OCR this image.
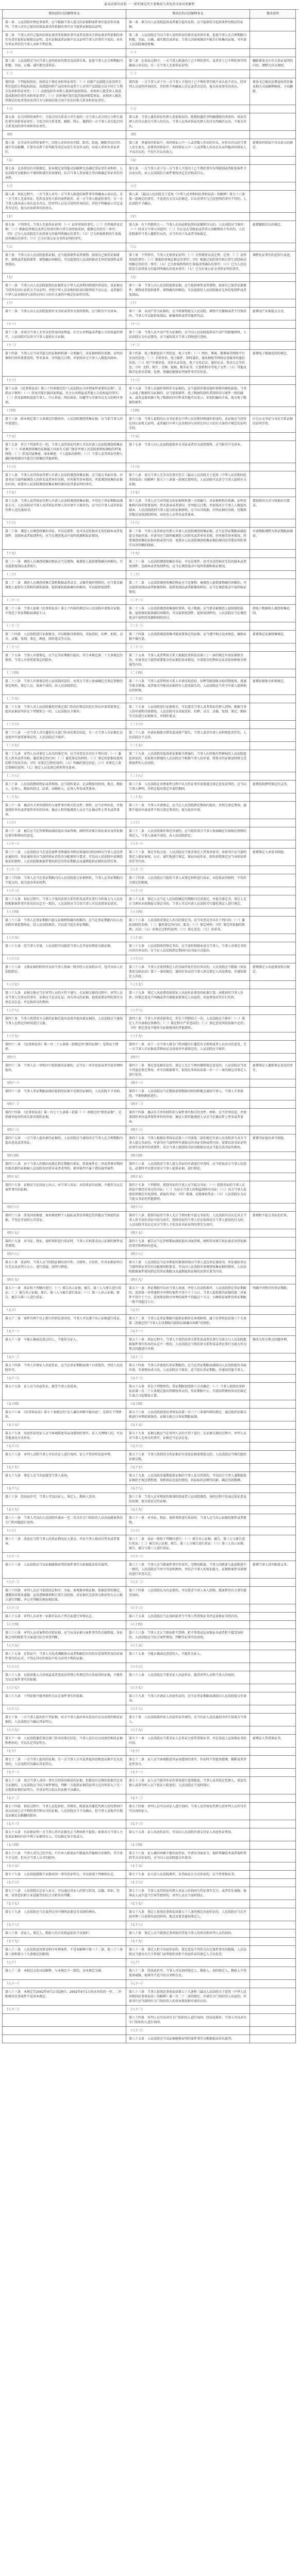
最高法新旧对照 一一新旧规定的主要修改与变化的全面对照解析
修改前的司法解释条文	修改后的司法解释条文	修改说明
第一条　人民法院审理民事案件，应当根据当事人提交的证据和案件事实依法作出裁判。当事人对自己提出的诉讼请求所依据的事实应当提供证据加以证明。	第一条　原告向人民法院起诉或者被告提出反诉，应当提供符合起诉条件的相应的证据。	
第二条　当事人对自己提出的诉讼请求所依据的事实或者反驳对方诉讼请求所依据的事实有责任提供证据加以证明。没有证据或者证据不足以证明当事人的事实主张的，由负有举证责任的当事人承担不利后果。	第二条　人民法院应当向当事人说明举证的要求及法律后果，促使当事人在合理期限内积极、全面、正确、诚实地完成举证。当事人因客观原因不能自行收集的证据，可申请人民法院调查收集。	
（一）	（一）	
第三条　人民法院应当向当事人说明举证的要求及法律后果，促使当事人在合理期限内积极、全面、正确、诚实地完成举证。	第三条　在诉讼过程中，一方当事人陈述的于己不利的事实，或者对于己不利的事实明确表示承认的，另一方当事人无需举证证明。	删除原条文中有关举证说明的内容，调整为自认规则。
（二）	（二）	
第四条　下列侵权诉讼，按照以下规定承担举证责任：（一）因新产品制造方法发明专利引起的专利侵权诉讼，由制造同样产品的单位或者个人对其产品制造方法不同于专利方法承担举证责任；（二）高度危险作业致人损害的侵权诉讼，由加害人就受害人故意造成损害的事实承担举证责任；（三）因环境污染引起的损害赔偿诉讼，由加害人就法律规定的免责事由及其行为与损害结果之间不存在因果关系承担举证责任。	第四条　一方当事人对于另一方当事人主张的于己不利的事实既不承认也不否认，经审判人员说明并询问后，其仍然不明确表示肯定或者否定的，视为对该事实的承认。	原条文已被民法典侵权责任编及相关司法解释吸收，予以删除。
（三）	（三）	
第五条　在合同纠纷案件中，主张合同关系成立并生效的一方当事人对合同订立和生效的事实承担举证责任；主张合同关系变更、解除、终止、撤销的一方当事人对引起合同关系变动的事实承担举证责任。	第五条　当事人委托诉讼代理人参加诉讼的，除授权委托书明确排除的事项外，诉讼代理人的自认视为当事人的自认。当事人在场对诉讼代理人的自认明确否认的，不视为自认。	
（四）	（四）	
第六条　在劳动争议纠纷案件中，因用人单位作出开除、除名、辞退、解除劳动合同、减少劳动报酬、计算劳动者工作年限等决定而发生劳动争议的，由用人单位负举证责任。	第六条　普通共同诉讼中，共同诉讼人中一人或者数人作出的自认，对作出自认的当事人发生效力。必要共同诉讼中，共同诉讼人中一人或者数人作出自认而其他共同诉讼人予以否认的，不发生自认的效力。	新增共同诉讼中自认效力的规定。
（五）	（五）	
第七条　在法律没有具体规定，依本规定及其他司法解释无法确定举证责任承担时，人民法院可以根据公平原则和诚实信用原则，综合当事人举证能力等因素确定举证责任的承担。	第七条　一方当事人对于另一方当事人主张的于己不利的事实有所限制或者附加条件予以承认的，由人民法院综合案件情况决定是否构成自认。	
（六）	（六）	
第八条　诉讼过程中，一方当事人对另一方当事人陈述的案件事实明确表示承认的，另一方当事人无需举证。但涉及身份关系的案件除外。对一方当事人陈述的事实，另一方当事人既未表示承认也未否认，经审判人员充分说明并询问后，其仍不明确表示肯定或者否定的，视为对该项事实的承认。	第八条　《最高人民法院关于适用〈中华人民共和国民事诉讼法〉的解释》第九十六条第一款规定的事实，不适用有关自认的规定。自认的事实与已经查明的事实不符的，人民法院不予确认。	
（七）	（七）	
第九条　下列事实，当事人无需举证证明：（一）众所周知的事实；（二）自然规律及定理；（三）根据法律规定或者已知事实和日常生活经验法则，能推定出的另一事实；（四）已为人民法院发生法律效力的裁判所确认的事实；（五）已为仲裁机构的生效裁决所确认的事实；（六）已为有效公证文书所证明的事实。	第九条　有下列情形之一，当事人在法庭辩论终结前撤销自认的，人民法院应当准许：（一）经对方当事人同意的；（二）自认是在受胁迫或者重大误解情况下作出的。人民法院准许当事人撤销自认的，应当作出口头或者书面裁定。	新增撤销自认的规定。
（八）	（八）	
第十条　当事人向人民法院提供证据，应当提供原件或者原物。如需自己保存证据原件、原物或者提供原件、原物确有困难的，可以提供经人民法院核对无异的复制件或者复制品。	第十条　下列事实，当事人无须举证证明：（一）自然规律以及定理、定律；（二）众所周知的事实；（三）根据法律规定推定的事实；（四）根据已知的事实和日常生活经验法则推定出的另一事实；（五）已为仲裁机构的生效裁决所确认的事实；（六）已为人民法院发生法律效力的裁判所确认的基本事实；（七）已为有效公证文书所证明的事实。	调整免证事实的范围与表述。
（九）	（九）	
第十一条　当事人向人民法院提供的证据系在中华人民共和国领域外形成的，该证据应当经所在国公证机关予以证明，并经中华人民共和国驻该国使领馆予以认证，或者履行中华人民共和国与该所在国订立的有关条约中规定的证明手续。	第十一条　当事人向人民法院提供证据，应当提供原件或者原物。如需自己保存证据原件、原物或者提供原件、原物确有困难的，可以提供经人民法院核对无异的复制件或者复制品。	
（十）	（十）	
第十二条　当事人向人民法院提供外文书证或者外文说明资料，应当附有中文译本。	第十二条　以动产作为证据的，应当将原物提交人民法院。原物不宜搬移或者不宜保存的，当事人可以提供复制品、影像资料或者其他替代品。	新增动产证据提交方式。
（十一）	（十一）	
第十三条　对双方当事人无争议但涉及国家利益、社会公共利益或者他人合法权益的事实，人民法院可以责令当事人提供有关证据。	第十三条　当事人以不动产作为证据的，应当向人民法院提供该不动产的影像资料。人民法院认为有必要的，应当通知双方当事人到场进行查验。	
（十二）	（十二）	
第十四条　当事人应当对其提交的证据材料逐一分类编号，对证据材料的来源、证明对象和内容作简要说明，签名盖章，注明提交日期，并依照对方当事人人数提出副本。	第十四条　电子数据包括下列信息、电子文件：（一）网页、博客、微博客等网络平台发布的信息；（二）手机短信、电子邮件、即时通信、通讯群组等网络应用服务的通信信息；（三）用户注册信息、身份认证信息、电子交易记录、通信记录、登录日志等信息；（四）文档、图片、音频、视频、数字证书、计算机程序等电子文件；（五）其他以数字化形式存储、处理、传输的能够证明案件事实的信息。	新增电子数据范围的规定。
（十三）	（十三）	
第十五条　《民事诉讼法》第六十四条规定的“人民法院认为审理案件需要的证据”，是指以下情形：（一）涉及可能有损国家利益、社会公共利益或者他人合法权益的事实；（二）涉及依职权追加当事人、中止诉讼、终结诉讼、回避等与实体争议无关的程序事项。	第十五条　当事人以视听资料作为证据的，应当提供存储该视听资料的原始载体。当事人以电子数据作为证据的，应当提供原件。电子数据的制作者制作的与原件一致的副本，或者直接来源于电子数据的打印件或其他可以显示、识别的输出介质，视为电子数据的原件。	
（十四）	（十四）	
第十六条　除本规定第十五条规定的情形外，人民法院调查收集证据，应当依当事人的申请进行。	第十六条　当事人提供的公文书证系在中华人民共和国领域外形成的，该证据应当经所在国公证机关证明，或者履行中华人民共和国与该所在国订立的有关条约中规定的证明手续。	区分公文书证与身份关系证据的证明手续。
（十五）	（十五）	
第十七条　符合下列条件之一的，当事人及其诉讼代理人可以申请人民法院调查收集证据：（一）申请调查收集的证据属于国家有关部门保存并须人民法院依职权调取的档案材料；（二）涉及国家秘密、商业秘密、个人隐私的材料；（三）当事人及其诉讼代理人确因客观原因不能自行收集的其他材料。	第十七条　当事人向人民法院提供外文书证或者外文说明资料，应当附有中文译本。	
（十六）	（十六）	
第十八条　当事人及其诉讼代理人申请人民法院调查收集证据，应当提交书面申请。申请书应当载明被调查人的姓名或者单位名称、住所地等基本情况、所要调查收集的证据的内容、需要由人民法院调查收集证据的原因及其要证明的事实。	第十八条　双方当事人无争议的事实符合《最高人民法院关于适用〈中华人民共和国民事诉讼法〉的解释》第九十六条第一款规定情形的，人民法院可以责令当事人提供有关证据。	
（十七）	（十七）	
第十九条　当事人及其诉讼代理人申请人民法院调查收集证据，不得迟于举证期限届满前七日。人民法院对当事人及其诉讼代理人的申请不予准许的，应当向当事人或其诉讼代理人送达通知书。	第十九条　当事人应当对其提交的证据材料逐一分类编号，对证据材料的来源、证明对象和内容作简要说明，签名盖章或者捺印，注明提交日期，并依照对方当事人人数提出副本。人民法院收到当事人提交的证据材料，应当出具收据，注明证据的名称、份数和页数以及收到的时间，由经办人员签名或者盖章。	增加捺印方式与收据出具要求。
（十八）	（十八）	
第二十条　调查人员调查收集的书证，可以是原件，也可以是经核对无误的副本或者复制件。是副本或者复制件的，应当在调查笔录中说明来源和取证情况。	第二十条　当事人及其诉讼代理人申请人民法院调查收集证据，应当在举证期限届满前提交书面申请。申请书应当载明被调查人的姓名或者单位名称、住所地等基本情况、所要调查收集的证据名称或者内容、需要由人民法院调查收集证据的原因及其要证明的事实以及明确的线索。	申请期限调整为举证期限届满前。
（十九）	（十九）	
第二十一条　调查人员调查收集的物证应当是原物。被调查人提供原物确有困难的，可以提供复制品或者照片。	第二十一条　人民法院调查收集的书证，可以是原件，也可以是经核对无误的副本或者复制件。是副本或者复制件的，应当在调查笔录中说明来源和取证情况。	
（二十）	（二十）	
第二十二条　调查人员调查收集计算机数据或者录音、录像等视听资料的，应当要求被调查人提供有关资料的原始载体。提供原始载体确有困难的，可以提供复制件。	第二十二条　人民法院调查收集的物证应当是原物。被调查人提供原物确有困难的，可以提供复制品或者影像资料。提供复制品或者影像资料的，应当在调查笔录中说明取证情况。	
（二十一）	（二十一）	
第二十三条　当事人依据《民事诉讼法》第七十四条的规定向人民法院申请保全证据，不得迟于举证期限届满前七日。	第二十三条　人民法院调查收集视听资料、电子数据，应当要求被调查人提供原始载体。提供原始载体确有困难的，可以提供复制件。提供复制件的，人民法院应当在调查笔录中说明其来源和制作经过。	将电子数据纳入调查收集范围。
（二十二）	（二十二）	
第二十四条　人民法院进行证据保全，可以根据具体情况，采取查封、扣押、拍照、录音、录像、复制、鉴定、勘验、制作笔录等方法。	第二十四条　人民法院调查收集可能需要鉴定的证据，应当遵守相关技术规范，确保证据不被污染。	新增鉴定证据收集规范。
（二十三）	（二十三）	
第二十五条　当事人申请鉴定，应当在举证期限内提出。符合本规定第二十七条规定的情形，当事人申请重新鉴定的除外。	第二十五条　当事人或者利害关系人根据民事诉讼法第八十一条的规定申请证据保全的，申请书应当载明需要保全的证据的基本情况、申请保全的理由以及采取何种保全措施等内容。	
（二十四）	（二十四）	
第二十六条　当事人申请鉴定经人民法院同意后，由双方当事人协商确定有鉴定资格的鉴定机构、鉴定人员，协商不成的，由人民法院指定。	第二十六条　当事人或者利害关系人申请采取查封、扣押等限制保全标的物使用、流通等保全措施，或者保全可能对证据持有人造成损失的，人民法院应当责令申请人提供相应的担保。	新增证据保全担保规定。
（二十五）	（二十五）	
第二十七条　当事人对人民法院委托的鉴定部门作出的鉴定结论有异议申请重新鉴定，提出证据证明存在下列情形之一的，人民法院应予准许。	第二十七条　人民法院进行证据保全，可以要求当事人或者诉讼代理人到场。根据当事人的申请和具体情况，人民法院可以采取查封、扣押、录音、录像、复制、鉴定、勘验等方法进行证据保全，并制作笔录。	
（二十六）	（二十六）	
第二十八条　一方当事人自行委托有关部门作出的鉴定结论，另一方当事人有证据足以反驳并申请重新鉴定的，人民法院应予准许。	第二十八条　申请证据保全错误造成财产损失，当事人请求申请人承担赔偿责任的，人民法院应予支持。	
（二十七）	（二十七）	
第二十九条　审判人员对鉴定人出具的鉴定书，应当审查是否具有下列内容：（一）委托人姓名或者名称、委托鉴定的内容；（二）委托鉴定的材料；（三）鉴定的依据及使用的科学技术手段；（四）对鉴定过程的说明；（五）明确的鉴定结论；（六）对鉴定人鉴定资格的说明；（七）鉴定人员及鉴定机构签名盖章。	第二十九条　人民法院采取诉前证据保全措施后，当事人向其他有管辖权的人民法院提起诉讼的，采取保全措施的人民法院应当根据当事人的申请，将保全的证据及时移交受理案件的人民法院。	
（二十八）	（二十八）	
第三十条　人民法院勘验物证或者现场，应当制作笔录，记录勘验的时间、地点、勘验人、在场人、勘验的经过、结果，由勘验人、在场人签名或者盖章。	第三十条　人民法院在审理案件过程中认为待证事实需要通过鉴定意见证明的，应当向当事人释明，并指定提出鉴定申请的期间。	新增法院释明鉴定的义务。
（二十九）	（二十九）	
第三十一条　摘录有关单位制作的与案件事实相关的文件、材料，应当注明出处，并加盖制作单位或者保管单位的印章，摘录人和其他调查人员应当在摘录件上签名或者盖章。	第三十一条　当事人申请鉴定，应当在人民法院指定期间内提出，并预交鉴定费用。逾期不提出申请或者不预交鉴定费用的，视为放弃申请。	
（三十）	（三十）	
第三十二条　被告应当在答辩期届满前提出书面答辩，阐明其对原告诉讼请求及所依据的事实和理由的意见。	第三十二条　人民法院准许鉴定申请的，应当组织双方当事人协商确定具备相应资格的鉴定人。当事人协商不成的，由人民法院指定。	
（三十一）	（三十一）	
第三十三条　人民法院应当在送达案件受理通知书和应诉通知书的同时向当事人送达举证通知书。举证通知书应当载明举证责任的分配原则与要求、可以向人民法院申请调查取证的情形、人民法院根据案件情况指定的举证期限以及逾期提供证据的法律后果。	第三十三条　鉴定开始之前，人民法院应当要求鉴定人签署承诺书。承诺书中应当载明鉴定人保证客观、公正、诚实地进行鉴定，保证出庭作证，如作虚假鉴定应当承担法律责任等内容。	新增鉴定人承诺书制度。
（三十二）	（三十二）	
第三十四条　当事人应当在举证期限内向人民法院提交证据材料，当事人在举证期限内不提交的，视为放弃举证权利。	第三十四条　人民法院应当组织当事人对鉴定材料进行质证。未经质证的材料，不得作为鉴定的根据。	
（三十三）	（三十三）	
第三十五条　诉讼过程中，当事人主张的法律关系的性质或者民事行为的效力与人民法院根据案件事实作出的认定不一致的，人民法院应当告知当事人可以变更诉讼请求。	第三十五条　鉴定人应当在人民法院确定的期限内完成鉴定，并提交鉴定书。鉴定人无正当理由未按期提交鉴定书的，当事人可以申请人民法院另行委托鉴定人进行鉴定。	
（三十四）	（三十四）	
第三十六条　当事人在举证期限内提交证据材料确有困难的，应当在举证期限内向人民法院申请延期举证，经人民法院准许，可以适当延长举证期限。	第三十六条　人民法院对鉴定人出具的鉴定书，应当审查是否具有下列内容：（一）委托法院的名称；（二）委托鉴定的内容、要求；（三）鉴定材料；（四）鉴定所依据的原理、方法；（五）对鉴定过程的说明；（六）鉴定意见；（七）承诺书。	
（三十五）	（三十五）	
第三十七条　经当事人申请，人民法院可以组织当事人在开庭审理前交换证据。	第三十七条　人民法院收到鉴定书后，应当及时将副本送交当事人。当事人对鉴定书的内容有异议的，应当在人民法院指定期间内以书面方式提出。	
（三十六）	（三十六）	
第三十八条　交换证据的时间可以由当事人协商一致并经人民法院认可，也可以由人民法院指定。	第三十八条　当事人在收到鉴定人的书面答复后仍有异议的，人民法院应当根据《诉讼费用交纳办法》第十一条的规定，通知有异议的当事人预交鉴定人出庭费用，并通知鉴定人出庭。	新增鉴定人出庭费用预交规定。
（三十七）	（三十七）	
第三十九条　证据交换应当在审判人员的主持下进行。在证据交换的过程中，审判人员对当事人无异议的事实、证据应当记录在卷；对有异议的证据，按照需要证明的事实分类记录在卷，并记载异议的理由。	第三十九条　鉴定人出庭费用按照证人出庭作证费用的标准计算，由败诉的当事人负担。因鉴定意见不明确或者有瑕疵需要鉴定人出庭的，出庭费用由其自行负担。	
（三十八）	（三十八）	
第四十条　当事人收到对方交换的证据后提出反驳并提出新证据的，人民法院应当通知当事人在指定的时间进行交换。	第四十条　当事人申请重新鉴定，存在下列情形之一的，人民法院应当准许：（一）鉴定人不具备相应资格的；（二）鉴定程序严重违法的；（三）鉴定意见明显依据不足的；（四）鉴定意见不能作为证据使用的其他情形。	
（三十九）	（三十九）	
第四十一条　《民事诉讼法》第一百二十五条第一款规定的“新的证据”，是指以下情形。	第四十一条　对于一方当事人就专门性问题自行委托有关机构或者人员出具的意见，另一方当事人有证据或者理由足以反驳并申请鉴定的，人民法院应予准许。	
（四十）	（四十）	
第四十二条　当事人在一审程序中提供新的证据的，应当在一审开庭前或者开庭审理时提出。	第四十二条　鉴定意见被采信后，鉴定人无正当理由撤销鉴定意见的，人民法院应当责令其退还鉴定费用，并可以根据情节，依照民事诉讼法第一百一十一条的规定对鉴定人进行处罚。	新增鉴定人撤销鉴定意见的责任。
（四十一）	（四十一）	
第四十三条　当事人举证期限届满后提供的证据不是新的证据的，人民法院不予采纳。	第四十三条　人民法院应当在勘验前将勘验的时间和地点通知当事人。当事人不参加的，不影响勘验进行。	
（四十二）	（四十二）	
第四十四条　《民事诉讼法》第一百七十九条第一款第（一）项规定的“新的证据”，是指原审庭审结束后新发现的证据。	第四十四条　摘录有关单位制作的与案件事实相关的文件、材料，应当注明出处，并加盖制作单位或者保管单位的印章，摘录人和其他调查人员应当在摘录件上签名或者盖章。	
（四十三）	（四十三）	
第四十五条　一方当事人提出新的证据的，人民法院应当通知对方当事人在合理期限内提出意见或者举证。	第四十五条　当事人根据民事诉讼法第六十四条第二款的规定申请人民法院责令对方当事人提交书证的，申请书应当载明所申请提交的书证名称或者内容、需要以该书证证明的事实及事实的重要性、对方当事人控制该书证的根据以及应当提交该书证的理由。	新增书证提出命令制度。
（四十四）	（四十四）	
第四十六条　由于当事人的原因未能在指定期限内举证，致使案件在二审或者再审期间因提出新的证据被人民法院发回重审或者改判的，原审裁判不属于错误裁判案件。	第四十六条　人民法院对当事人提交书证的申请进行审查时，应当听取对方当事人的意见，必要时可以要求双方当事人提供证据、进行辩论。	
（四十五）	（四十五）	
第四十七条　证据应当在法庭上出示，由当事人质证。未经质证的证据，不能作为认定案件事实的依据。	第四十七条　下列情形，控制书证的当事人应当提交书证：（一）控制书证的当事人在诉讼中曾经引用过的书证；（二）为对方当事人的利益制作的书证；（三）对方当事人依照法律规定有权查阅、获取的书证；（四）账簿、记账原始凭证；（五）人民法院认为应当提交书证的其他情形。	
（四十六）	（四十六）	
第四十八条　涉及国家秘密、商业秘密和个人隐私或者法律规定的其他应当保密的证据，不得在开庭时公开质证。	第四十八条　控制书证的当事人无正当理由拒不提交书证的，人民法院可以认定对方当事人所主张的书证内容为真实。控制书证的当事人存在妨碍对方当事人使用的行为的，人民法院可以认定对方当事人主张以该书证证明的事实为真实。	新增拒不提交书证的后果。
（四十七）	（四十七）	
第四十九条　对书证、物证、视听资料进行质证时，当事人有权要求出示证据的原件或者原物。	第四十九条　被告应当在答辩期届满前提出书面答辩，阐明其对原告诉讼请求及所依据的事实和理由的意见。	
（四十八）	（四十八）	
第五十条　质证时，当事人应当围绕证据的真实性、关联性、合法性，针对证据证明力有无以及证明力大小，进行质疑、说明与辩驳。	第五十条　人民法院应当在审理前的准备阶段向当事人送达举证通知书。举证通知书应当载明举证责任的分配原则和要求、可以向人民法院申请调查收集证据的情形、人民法院根据案件情况指定的举证期限以及逾期提供证据的法律后果等内容。	
（四十九）	（四十九）	
第五十一条　质证按下列顺序进行：（一）原告出示证据，被告、第三人与原告进行质证；（二）被告出示证据，原告、第三人与被告进行质证；（三）第三人出示证据，原告、被告与第三人进行质证。	第五十一条　举证期限可以由当事人协商，并经人民法院准许。人民法院指定举证期限的，适用第一审普通程序审理的案件不得少于十五日，当事人提供新的证据的第二审案件不得少于十日。适用简易程序审理的案件不得超过十五日，小额诉讼案件的举证期限一般不得超过七日。	明确不同程序的举证期限。
（五十）	（五十）	
第五十二条　案件有两个以上独立的诉讼请求的，当事人可以逐个出示证据进行质证。	第五十二条　当事人在举证期限内提供证据存在客观障碍，属于民事诉讼法第六十五条第二款规定的“当事人在该期限内提供证据确有困难”的情形。	
（五十一）	（五十一）	
第五十三条　不能正确表达意志的人，不能作为证人。	第五十三条　诉讼过程中，当事人主张的法律关系性质或者民事行为效力与人民法院根据案件事实作出的认定不一致的，人民法院应当将法律关系性质或者民事行为效力作为焦点问题进行审理。	修改为作为焦点问题审理。
（五十二）	（五十二）	
第五十四条　当事人申请证人出庭作证，应当在举证期限届满十日前提出，并经人民法院许可。	第五十四条　当事人申请延长举证期限的，应当在举证期限届满前向人民法院提出书面申请。申请理由成立的，人民法院应当准许，适当延长举证期限，并通知其他当事人。	
（五十三）	（五十三）	
第五十五条　证人应当出庭作证，接受当事人的质询。	第五十五条　存在下列情形的，举证期限按照如下方式确定：（一）当事人依照民事诉讼法第一百二十七条规定提出管辖权异议的，举证期限中止，自驳回管辖权异议的裁定生效之日起恢复计算。	
（五十四）	（五十四）	
第五十六条　《民事诉讼法》第七十条规定的“证人确有困难不能出庭”，是指有下列情形。	第五十六条　人民法院依照民事诉讼法第一百三十三条第四项的规定，通过组织证据交换进行审理前准备的，证据交换之日举证期限届满。	
（五十五）	（五十五）	
第五十七条　出庭作证的证人应当客观陈述其亲身感知的事实。证人为聋哑人的，可以其他表达方式作证。	第五十七条　证据交换应当在审判人员的主持下进行。在证据交换的过程中，审判人员对当事人无异议的事实、证据应当记录在卷。	
（五十六）	（五十六）	
第五十八条　审判人员和当事人可以对证人进行询问。证人不得旁听法庭审理。	第五十八条　当事人收到对方的证据后有反驳证据需要提交的，人民法院应当再次组织证据交换。	
（五十七）	（五十七）	
第五十九条　鉴定人应当出庭接受当事人质询。	第五十九条　人民法院对逾期提供证据的当事人处以罚款的，可以结合当事人逾期提供证据的主观过错程度、导致诉讼迟延的情况、诉讼标的金额等因素，确定罚款数额。	
（五十八）	（五十八）	
第六十条　经法庭许可，当事人可以向证人、鉴定人、勘验人发问。	第六十条　当事人在审理前的准备阶段或者人民法院调查、询问过程中发表过质证意见的证据，视为质证过的证据。	
（五十九）	（五十九）	
第六十一条　当事人可以向人民法院申请由一至二名具有专门知识的人员出庭就案件的专门性问题进行说明。	第六十一条　对书证、物证、视听资料进行质证时，当事人应当出示证据的原件或者原物。	
（六十）	（六十）	
第六十二条　法庭应当将当事人的质证情况记入笔录，并由当事人核对后签名或者盖章。	第六十二条　质证一般按下列顺序进行：（一）原告出示证据，被告、第三人与原告进行质证；（二）被告出示证据，原告、第三人与被告进行质证；（三）第三人出示证据，原告、被告与第三人进行质证。	
（六十一）	（六十一）	
第六十三条　人民法院应当以证据能够证明的案件事实为依据依法作出裁判。	第六十三条　当事人应当就案件事实作真实、完整的陈述。当事人的陈述与此前陈述不一致的，人民法院应当责令其说明理由，并结合当事人的诉讼能力、证据和案件具体情况进行审查认定。	新增当事人真实陈述义务。
（六十二）	（六十二）	
第六十四条　审判人员应当依照法定程序，全面、客观地审核证据，依据法律的规定，遵循法官职业道德，运用逻辑推理和日常生活经验，对证据有无证明力和证明力大小独立进行判断，并公开判断的理由和结果。	第六十四条　人民法院认为有必要的，可以要求当事人本人到场，就案件的有关事实接受询问。	
（六十三）	（六十三）	
第六十五条　审判人员对单一证据可以从下列方面进行审核认定。	第六十五条　人民法院应当在询问前责令当事人签署保证书并宣读保证书的内容。	
（六十四）	（六十四）	
第六十六条　审判人员对案件的全部证据，应当从各证据与案件事实的关联程度、各证据之间的联系等方面进行综合审查判断。	第六十六条　当事人无正当理由拒不到场、拒不签署或宣读保证书或者拒不接受询问的，人民法院应当综合案件情况，判断待证事实的真伪。	
（六十五）	（六十五）	
第六十七条　在诉讼中，当事人为达成调解协议或者和解的目的作出妥协所涉及的对案件事实的认可，不得在其后的诉讼中作为对其不利的证据。	第六十七条　不能正确表达意思的人，不能作为证人。	
（六十六）	（六十六）	
第六十八条　以侵害他人合法权益或者违反法律禁止性规定的方法取得的证据，不能作为认定案件事实的依据。	第六十八条　人民法院应当要求证人出庭作证，接受审判人员和当事人的询问。	
（六十七）	（六十七）	
第六十九条　下列证据不能单独作为认定案件事实的依据。	第六十九条　当事人申请证人出庭作证的，应当在举证期限届满前向人民法院提交申请书。	
（六十八）	（六十八）	
第七十条　一方当事人提出的下列证据，对方当事人提出异议但没有足以反驳的相反证据的，人民法院应当确认其证明力。	第七十条　人民法院准许证人出庭作证申请的，应当向证人送达通知书并告知双方当事人。	
（六十九）	（六十九）	
第七十一条　人民法院委托鉴定部门作出的鉴定结论，当事人没有足以反驳的相反证据和理由的，可以认定其证明力。	第七十一条　人民法院应当要求证人在作证之前签署保证书，并在法庭上宣读保证书的内容。	新增证人签署保证书。
（七十）	（七十）	
第七十二条　一方当事人提出的证据，另一方当事人认可或者提出的相反证据不足以反驳的，人民法院可以确认其证明力。	第七十二条　证人应当客观陈述其亲身感知的事实，作证时不得使用猜测、推断或者评论性语言。	
（七十一）	（七十一）	
第七十三条　双方当事人对同一事实分别举出相反的证据，但都没有足够的依据否定对方证据的，人民法院应当结合案件情况，判断一方提供证据的证明力是否明显大于另一方提供证据的证明力，并对证明力较大的证据予以确认。	第七十三条　证人应当就其作证的事项进行连续陈述。当事人及其法定代理人、诉讼代理人或者旁听人员干扰证人陈述的，人民法院应当及时制止。	
（七十二）	（七十二）	
第七十四条　诉讼过程中，当事人在起诉状、答辩状、陈述及其委托代理人的代理词中承认的对己方不利的事实和认可的证据，人民法院应当予以确认，但当事人反悔并有相反证据足以推翻的除外。	第七十四条　审判人员可以对证人进行询问。当事人及其诉讼代理人经审判人员许可后可以询问证人。	
（七十三）	（七十三）	
第七十五条　有证据证明一方当事人持有证据无正当理由拒不提供，如果对方当事人主张该证据的内容不利于证据持有人，可以推定该主张成立。	第七十五条　证人出庭作证后，可以向人民法院申请支付证人出庭作证费用。	
（七十四）	（七十四）	
第七十六条　当事人对自己的主张，只有本人陈述而不能提出其他相关证据的，其主张不予支持。但对方当事人认可的除外。	第七十六条　证人确有困难不能出庭作证，申请以书面证言、视听传输技术或者视听资料等方式作证的，应当向人民法院提交申请书。	
（七十五）	（七十五）	
第七十七条　人民法院就数个证据对同一事实的证明力，可以依照下列原则认定。	第七十七条　证人经人民法院准许，以书面证言方式作证的，应当签署保证书。	
（七十六）	（七十六）	
第七十八条　人民法院认定证人证言，可以通过对证人的智力状况、品德、知识、经验、法律意识和专业技能等的综合分析作出判断。	第七十八条　当事人及其诉讼代理人对证人的询问与待证事实无关，或者存在威胁、侮辱证人或不适当引导等情形的，审判人员应当及时制止。	
（七十七）	（七十七）	
第七十九条　人民法院应当在裁判文书中阐明证据是否采纳的理由。	第七十九条　鉴定人依照民事诉讼法第七十八条的规定出庭作证的，人民法院应当在开庭审理三日前将出庭的时间、地点及要求通知鉴定人。	
（七十八）	（七十八）	
第八十条　对证人、鉴定人、勘验人的合法权益依法予以保护。	第八十条　鉴定人应当就鉴定事项如实答复当事人的异议和审判人员的询问。	
（七十九）	（七十九）	
第八十一条　人民法院适用简易程序审理案件，不受本解释中第三十二条、第三十三条第三款和第七十九条规定的限制。	第八十一条　鉴定人拒不出庭作证的，鉴定意见不得作为认定案件事实的根据。人民法院应当建议有关主管部门或者组织对拒不出庭作证的鉴定人予以处罚。	
（八十）	（八十）	
第八十二条　本院过去的司法解释，与本规定不一致的，以本规定为准。	第八十二条　经法庭许可，当事人可以询问鉴定人、勘验人。询问鉴定人、勘验人不得使用威胁、侮辱等不适当的言语和方式。	
（八十一）	（八十一）	
第八十三条　本规定自2002年4月1日起施行。2002年4月1日尚未审结的一审、二审和再审民事案件不适用本规定。	第八十三条　当事人依照民事诉讼法第七十九条和《最高人民法院关于适用〈中华人民共和国民事诉讼法〉的解释》第一百二十二条的规定，申请有专门知识的人出庭的，申请书中应当载明有专门知识的人的基本情况和申请的目的。	
（八十二）	（八十二）	
	第八十四条　审判人员可以对有专门知识的人进行询问。经法庭准许，当事人可以对有专门知识的人进行询问。	
	（八十三）	
	第八十五条　人民法院应当以证据能够证明的案件事实为根据依法作出裁判。	
